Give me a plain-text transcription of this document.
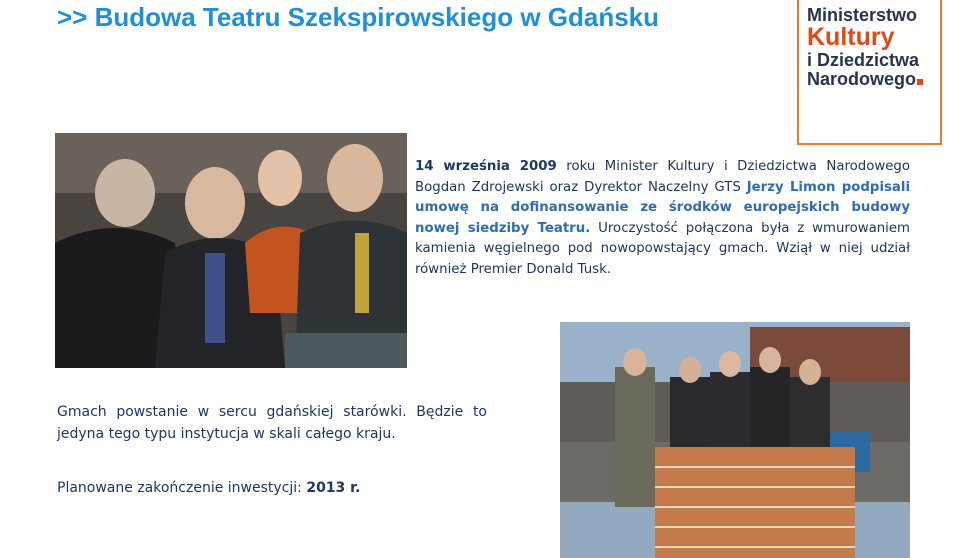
>> Budowa Teatru Szekspirowskiego w Gdańsku	Ministerstwo
Kultury
i Dziedzictwa
Narodowego
14 września 2009 roku Minister Kultury i Dziedzictwa Narodowego Bogdan Zdrojewski oraz Dyrektor Naczelny GTS Jerzy Limon podpisali umowę na dofinansowanie ze środków europejskich budowy nowej siedziby Teatru. Uroczystość połączona była z wmurowaniem kamienia węgielnego pod nowopowstający gmach. Wziął w niej udział również Premier Donald Tusk.
Gmach powstanie w sercu gdańskiej starówki. Będzie to jedyna tego typu instytucja w skali całego kraju.
Planowane zakończenie inwestycji: 2013 r.
